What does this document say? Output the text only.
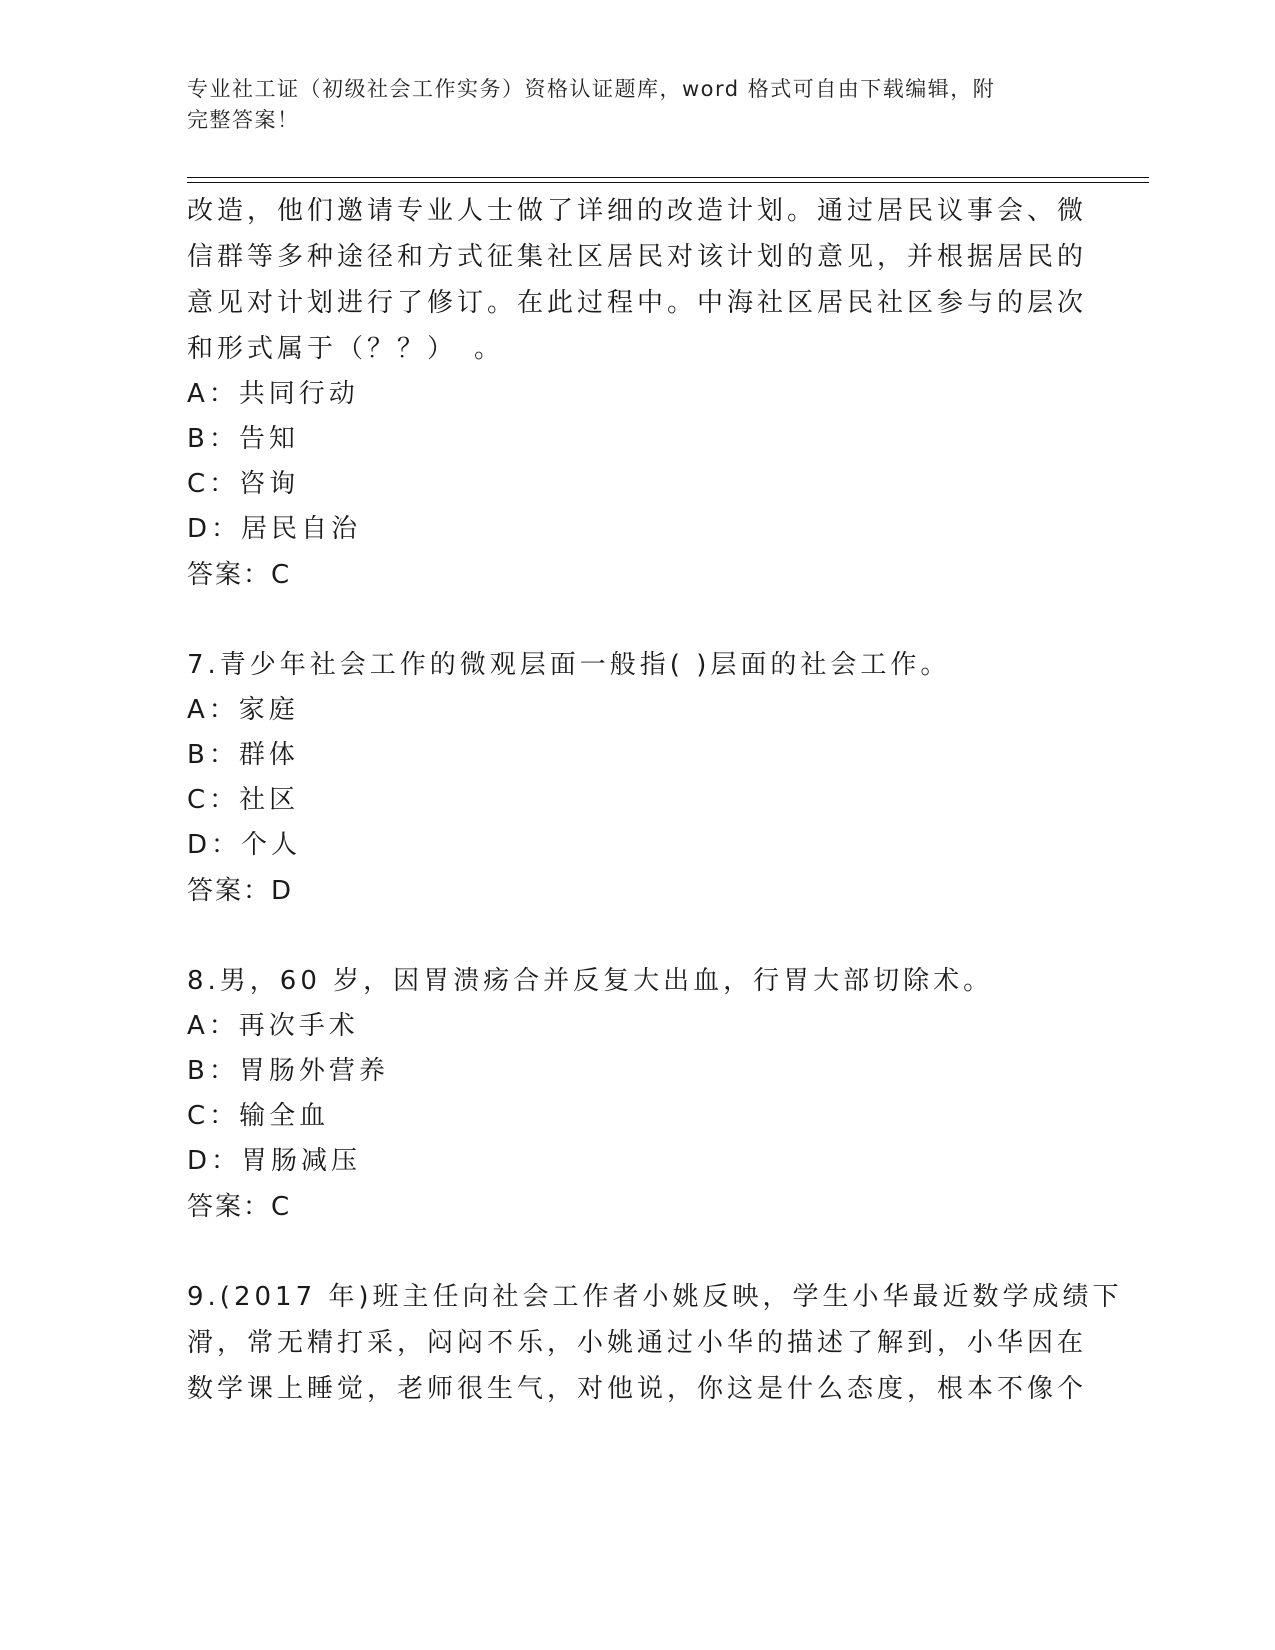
专业社工证（初级社会工作实务）资格认证题库，word 格式可自由下载编辑，附
完整答案！
改造，他们邀请专业人士做了详细的改造计划。通过居民议事会、微
信群等多种途径和方式征集社区居民对该计划的意见，并根据居民的
意见对计划进行了修订。在此过程中。中海社区居民社区参与的层次
和形式属于（？？）　。
A：共同行动
B：告知
C：咨询
D：居民自治
答案：C
7.青少年社会工作的微观层面一般指( )层面的社会工作。
A：家庭
B：群体
C：社区
D：个人
答案：D
8.男，60 岁，因胃溃疡合并反复大出血，行胃大部切除术。
A：再次手术
B：胃肠外营养
C：输全血
D：胃肠减压
答案：C
9.(2017 年)班主任向社会工作者小姚反映，学生小华最近数学成绩下
滑，常无精打采，闷闷不乐，小姚通过小华的描述了解到，小华因在
数学课上睡觉，老师很生气，对他说，你这是什么态度，根本不像个
